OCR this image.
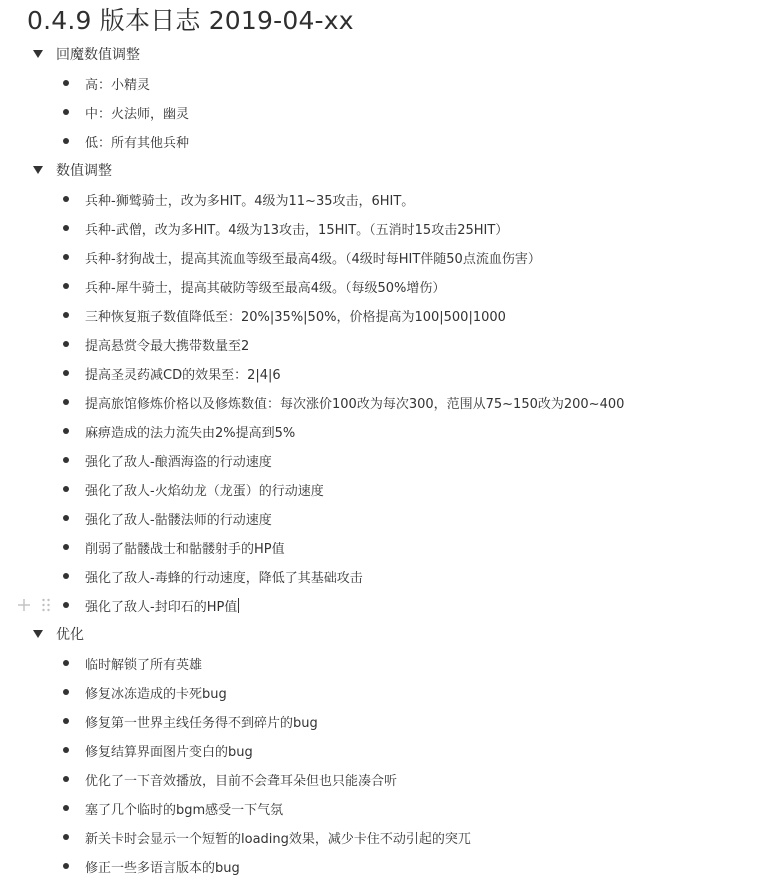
0.4.9 版本日志 2019-04-xx
回魔数值调整
高：小精灵
中：火法师，幽灵
低：所有其他兵种
数值调整
兵种-狮鹫骑士，改为多HIT。4级为11~35攻击，6HIT。
兵种-武僧，改为多HIT。4级为13攻击，15HIT。（五消时15攻击25HIT）
兵种-豺狗战士，提高其流血等级至最高4级。（4级时每HIT伴随50点流血伤害）
兵种-犀牛骑士，提高其破防等级至最高4级。（每级50%增伤）
三种恢复瓶子数值降低至：20%|35%|50%，价格提高为100|500|1000
提高悬赏令最大携带数量至2
提高圣灵药减CD的效果至：2|4|6
提高旅馆修炼价格以及修炼数值：每次涨价100改为每次300，范围从75~150改为200~400
麻痹造成的法力流失由2%提高到5%
强化了敌人-酿酒海盗的行动速度
强化了敌人-火焰幼龙（龙蛋）的行动速度
强化了敌人-骷髅法师的行动速度
削弱了骷髅战士和骷髅射手的HP值
强化了敌人-毒蜂的行动速度，降低了其基础攻击
强化了敌人-封印石的HP值
优化
临时解锁了所有英雄
修复冰冻造成的卡死bug
修复第一世界主线任务得不到碎片的bug
修复结算界面图片变白的bug
优化了一下音效播放，目前不会聋耳朵但也只能凑合听
塞了几个临时的bgm感受一下气氛
新关卡时会显示一个短暂的loading效果，减少卡住不动引起的突兀
修正一些多语言版本的bug
